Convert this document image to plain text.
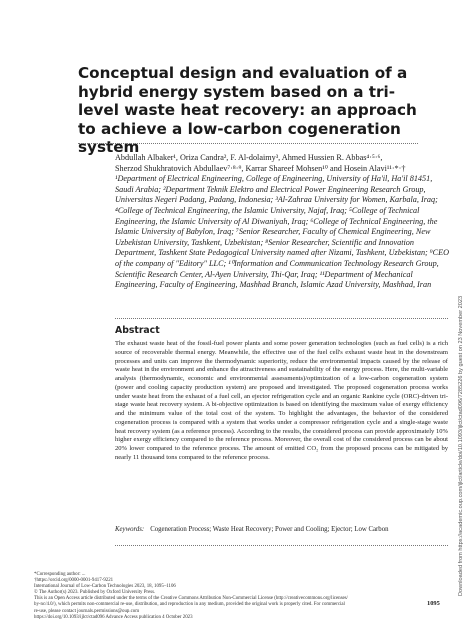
Conceptual design and evaluation of a hybrid energy system based on a tri-level waste heat recovery: an approach to achieve a low-carbon cogeneration system
Abdullah Albaker¹, Oriza Candra², F. Al-dolaimy³, Ahmed Hussien R. Abbas⁴·⁵·⁶,
Sherzod Shukhratovich Abdullaev⁷·⁸·⁹, Karrar Shareef Mohsen¹⁰ and Hosein Alavi¹¹·*·†
¹Department of Electrical Engineering, College of Engineering, University of Ha'il, Ha'il 81451, Saudi Arabia; ²Department Teknik Elektro and Electrical Power Engineering Research Group, Universitas Negeri Padang, Padang, Indonesia; ³Al-Zahraa University for Women, Karbala, Iraq; ⁴College of Technical Engineering, the Islamic University, Najaf, Iraq; ⁵College of Technical Engineering, the Islamic University of Al Diwaniyah, Iraq; ⁶College of Technical Engineering, the Islamic University of Babylon, Iraq; ⁷Senior Researcher, Faculty of Chemical Engineering, New Uzbekistan University, Tashkent, Uzbekistan; ⁸Senior Researcher, Scientific and Innovation Department, Tashkent State Pedagogical University named after Nizami, Tashkent, Uzbekistan; ⁹CEO of the company of "Editory" LLC; ¹⁰Information and Communication Technology Research Group, Scientific Research Center, Al-Ayen University, Thi-Qar, Iraq; ¹¹Department of Mechanical Engineering, Faculty of Engineering, Mashhad Branch, Islamic Azad University, Mashhad, Iran
Abstract
The exhaust waste heat of the fossil-fuel power plants and some power generation technologies (such as fuel cells) is a rich source of recoverable thermal energy. Meanwhile, the effective use of the fuel cell's exhaust waste heat in the downstream processes and units can improve the thermodynamic superiority, reduce the environmental impacts caused by the release of waste heat in the environment and enhance the attractiveness and sustainability of the energy process. Here, the multi-variable analysis (thermodynamic, economic and environmental assessments)/optimization of a low-carbon cogeneration system (power and cooling capacity production system) are proposed and investigated. The proposed cogeneration process works under waste heat from the exhaust of a fuel cell, an ejector refrigeration cycle and an organic Rankine cycle (ORC)-driven tri-stage waste heat recovery system. A bi-objective optimization is based on identifying the maximum value of exergy efficiency and the minimum value of the total cost of the system. To highlight the advantages, the behavior of the considered cogeneration process is compared with a system that works under a compressor refrigeration cycle and a single-stage waste heat recovery system (as a reference process). According to the results, the considered process can provide approximately 10% higher exergy efficiency compared to the reference process. Moreover, the overall cost of the considered process can be about 20% lower compared to the reference process. The amount of emitted CO₂ from the proposed process can be mitigated by nearly 11 thousand tons compared to the reference process.
Keywords: Cogeneration Process; Waste Heat Recovery; Power and Cooling; Ejector; Low Carbon

*Corresponding author: ...

†https://orcid.org/0000-0001-9417-9221

International Journal of Low-Carbon Technologies 2023, 18, 1095–1106

© The Author(s) 2023. Published by Oxford University Press.

This is an Open Access article distributed under the terms of the Creative Commons Attribution Non-Commercial License (http://creativecommons.org/licenses/

by-nc/4.0/), which permits non-commercial re-use, distribution, and reproduction in any medium, provided the original work is properly cited. For commercial

re-use, please contact journals.permissions@oup.com

https://doi.org/10.1093/ijlct/ctad096 Advance Access publication 4 October 2023

1095
Downloaded from https://academic.oup.com/ijlct/article/doi/10.1093/ijlct/ctad096/7285226 by guest on 23 November 2023
